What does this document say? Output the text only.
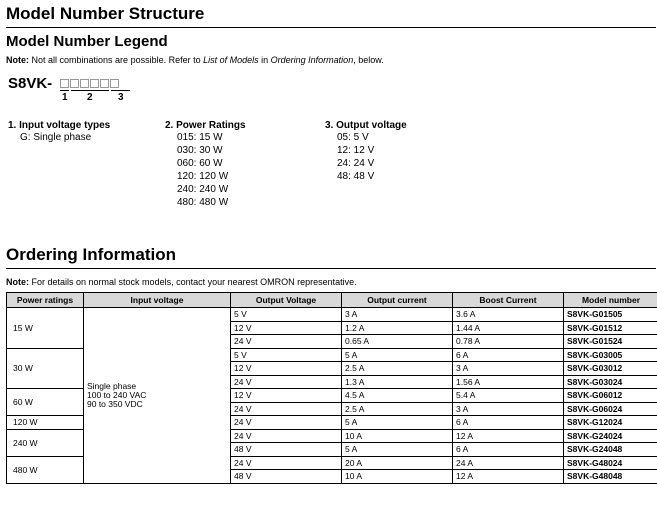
Model Number Structure
Model Number Legend
Note: Not all combinations are possible. Refer to List of Models in Ordering Information, below.
S8VK-
1 2	3
1. Input voltage types
G: Single phase
2. Power Ratings
015: 15 W
030: 30 W
060: 60 W
120: 120 W
240: 240 W
480: 480 W
3. Output voltage
05: 5 V
12: 12 V
24: 24 V
48: 48 V
Ordering Information
Note: For details on normal stock models, contact your nearest OMRON representative.
Power ratings	Input voltage	Output Voltage	Output current	Boost Current	Model number
15 W	Single phase
100 to 240 VAC
90 to 350 VDC	5 V	3 A	3.6 A	S8VK-G01505
		12 V	1.2 A	1.44 A	S8VK-G01512
		24 V	0.65 A	0.78 A	S8VK-G01524
30 W		5 V	5 A	6 A	S8VK-G03005
		12 V	2.5 A	3 A	S8VK-G03012
		24 V	1.3 A	1.56 A	S8VK-G03024
60 W		12 V	4.5 A	5.4 A	S8VK-G06012
		24 V	2.5 A	3 A	S8VK-G06024
120 W		24 V	5 A	6 A	S8VK-G12024
240 W		24 V	10 A	12 A	S8VK-G24024
		48 V	5 A	6 A	S8VK-G24048
480 W		24 V	20 A	24 A	S8VK-G48024
		48 V	10 A	12 A	S8VK-G48048
